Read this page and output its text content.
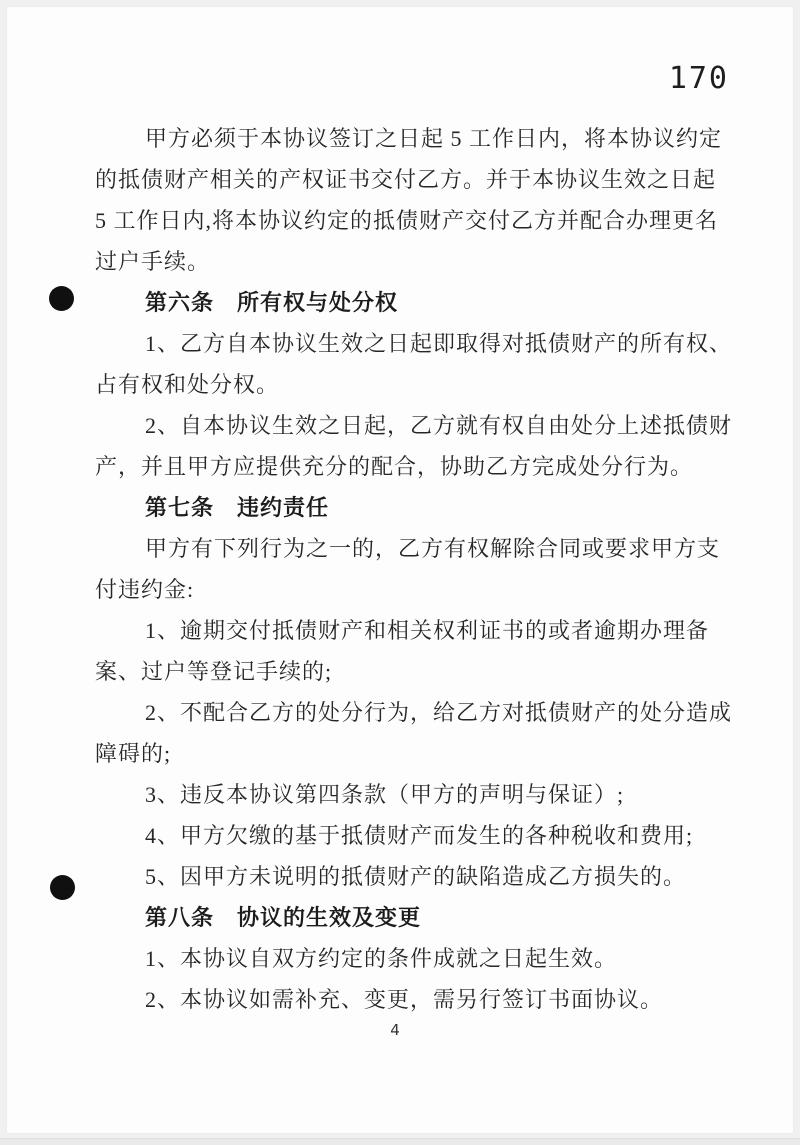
170

甲方必须于本协议签订之日起 5 工作日内，将本协议约定
的抵债财产相关的产权证书交付乙方。并于本协议生效之日起
5 工作日内,将本协议约定的抵债财产交付乙方并配合办理更名
过户手续。

第六条　所有权与处分权

1、乙方自本协议生效之日起即取得对抵债财产的所有权、
占有权和处分权。

2、自本协议生效之日起，乙方就有权自由处分上述抵债财
产，并且甲方应提供充分的配合，协助乙方完成处分行为。

第七条　违约责任

甲方有下列行为之一的，乙方有权解除合同或要求甲方支
付违约金:

1、逾期交付抵债财产和相关权利证书的或者逾期办理备
案、过户等登记手续的;

2、不配合乙方的处分行为，给乙方对抵债财产的处分造成
障碍的;

3、违反本协议第四条款（甲方的声明与保证）;

4、甲方欠缴的基于抵债财产而发生的各种税收和费用;

5、因甲方未说明的抵债财产的缺陷造成乙方损失的。

第八条　协议的生效及变更

1、本协议自双方约定的条件成就之日起生效。

2、本协议如需补充、变更，需另行签订书面协议。

4
